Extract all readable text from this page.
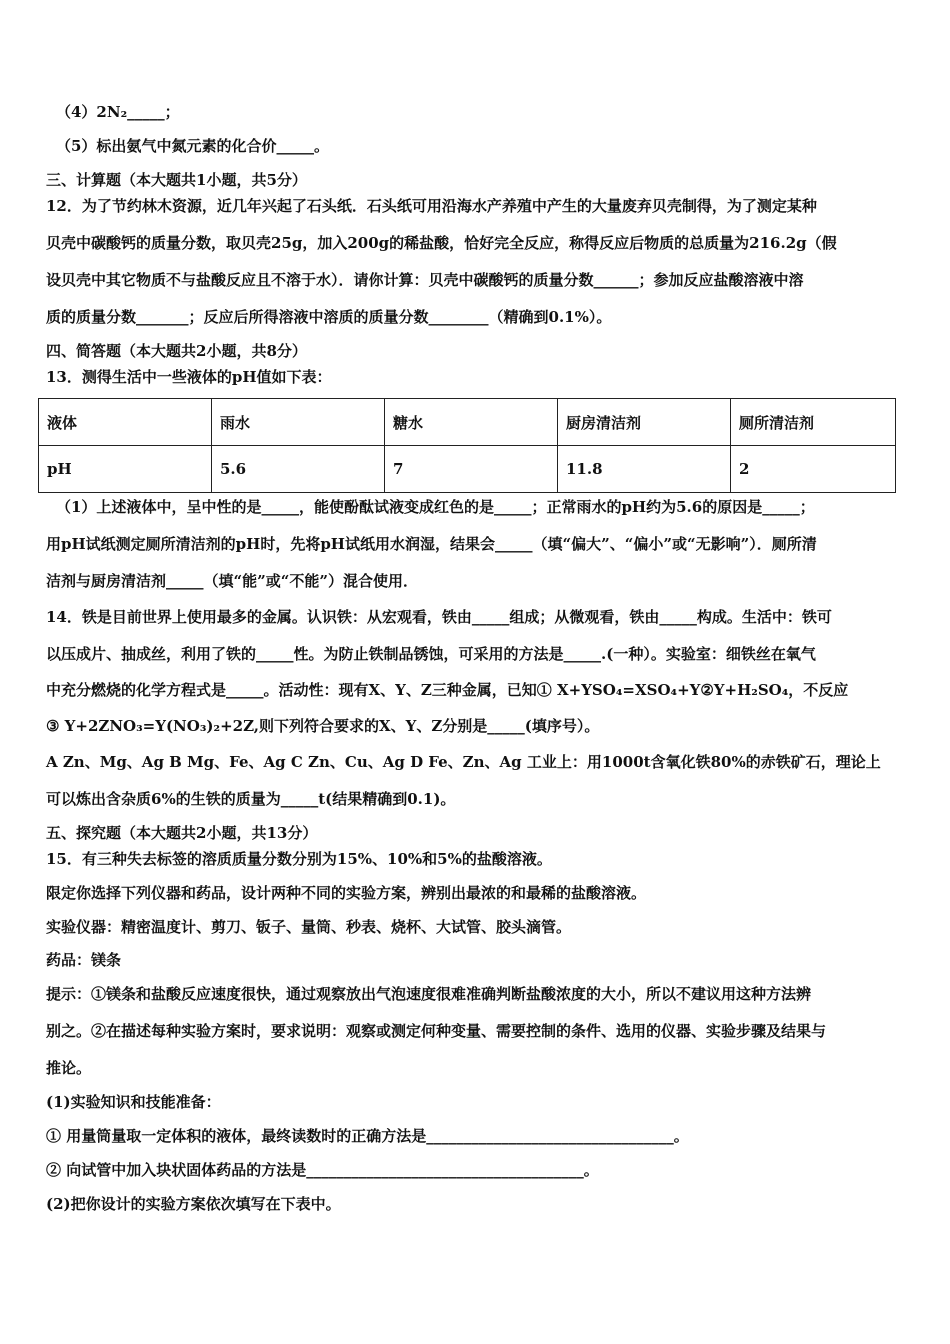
（4）2N₂_____；
（5）标出氨气中氮元素的化合价_____。
三、计算题（本大题共1小题，共5分）
12．为了节约林木资源，近几年兴起了石头纸．石头纸可用沿海水产养殖中产生的大量废弃贝壳制得，为了测定某种
贝壳中碳酸钙的质量分数，取贝壳25g，加入200g的稀盐酸，恰好完全反应，称得反应后物质的总质量为216.2g（假
设贝壳中其它物质不与盐酸反应且不溶于水）．请你计算：贝壳中碳酸钙的质量分数______；参加反应盐酸溶液中溶
质的质量分数_______；反应后所得溶液中溶质的质量分数________（精确到0.1%）。
四、简答题（本大题共2小题，共8分）
13．测得生活中一些液体的pH值如下表：
液体	雨水	糖水	厨房清洁剂	厕所清洁剂
pH	5.6	7	11.8	2
（1）上述液体中，呈中性的是_____，能使酚酞试液变成红色的是_____；正常雨水的pH约为5.6的原因是_____；
用pH试纸测定厕所清洁剂的pH时，先将pH试纸用水润湿，结果会_____（填“偏大”、“偏小”或“无影响”）．厕所清
洁剂与厨房清洁剂_____（填“能”或“不能”）混合使用．
14．铁是目前世界上使用最多的金属。认识铁：从宏观看，铁由_____组成；从微观看，铁由_____构成。生活中：铁可
以压成片、抽成丝，利用了铁的_____性。为防止铁制品锈蚀，可采用的方法是_____.(一种）。实验室：细铁丝在氧气
中充分燃烧的化学方程式是_____。活动性：现有X、Y、Z三种金属，已知① X+YSO₄=XSO₄+Y②Y+H₂SO₄，不反应
③ Y+2ZNO₃=Y(NO₃)₂+2Z,则下列符合要求的X、Y、Z分别是_____(填序号）。
A Zn、Mg、Ag B Mg、Fe、Ag C Zn、Cu、Ag D Fe、Zn、Ag 工业上：用1000t含氧化铁80%的赤铁矿石，理论上
可以炼出含杂质6%的生铁的质量为_____t(结果精确到0.1)。
五、探究题（本大题共2小题，共13分）
15．有三种失去标签的溶质质量分数分别为15%、10%和5%的盐酸溶液。
限定你选择下列仪器和药品，设计两种不同的实验方案，辨别出最浓的和最稀的盐酸溶液。
实验仪器：精密温度计、剪刀、钣子、量筒、秒表、烧杯、大试管、胶头滴管。
药品：镁条
提示：①镁条和盐酸反应速度很快，通过观察放出气泡速度很难准确判断盐酸浓度的大小，所以不建议用这种方法辨
别之。②在描述每种实验方案时，要求说明：观察或测定何种变量、需要控制的条件、选用的仪器、实验步骤及结果与
推论。
(1)实验知识和技能准备：
① 用量筒量取一定体积的液体，最终读数时的正确方法是_________________________________。
② 向试管中加入块状固体药品的方法是_____________________________________。
(2)把你设计的实验方案依次填写在下表中。
